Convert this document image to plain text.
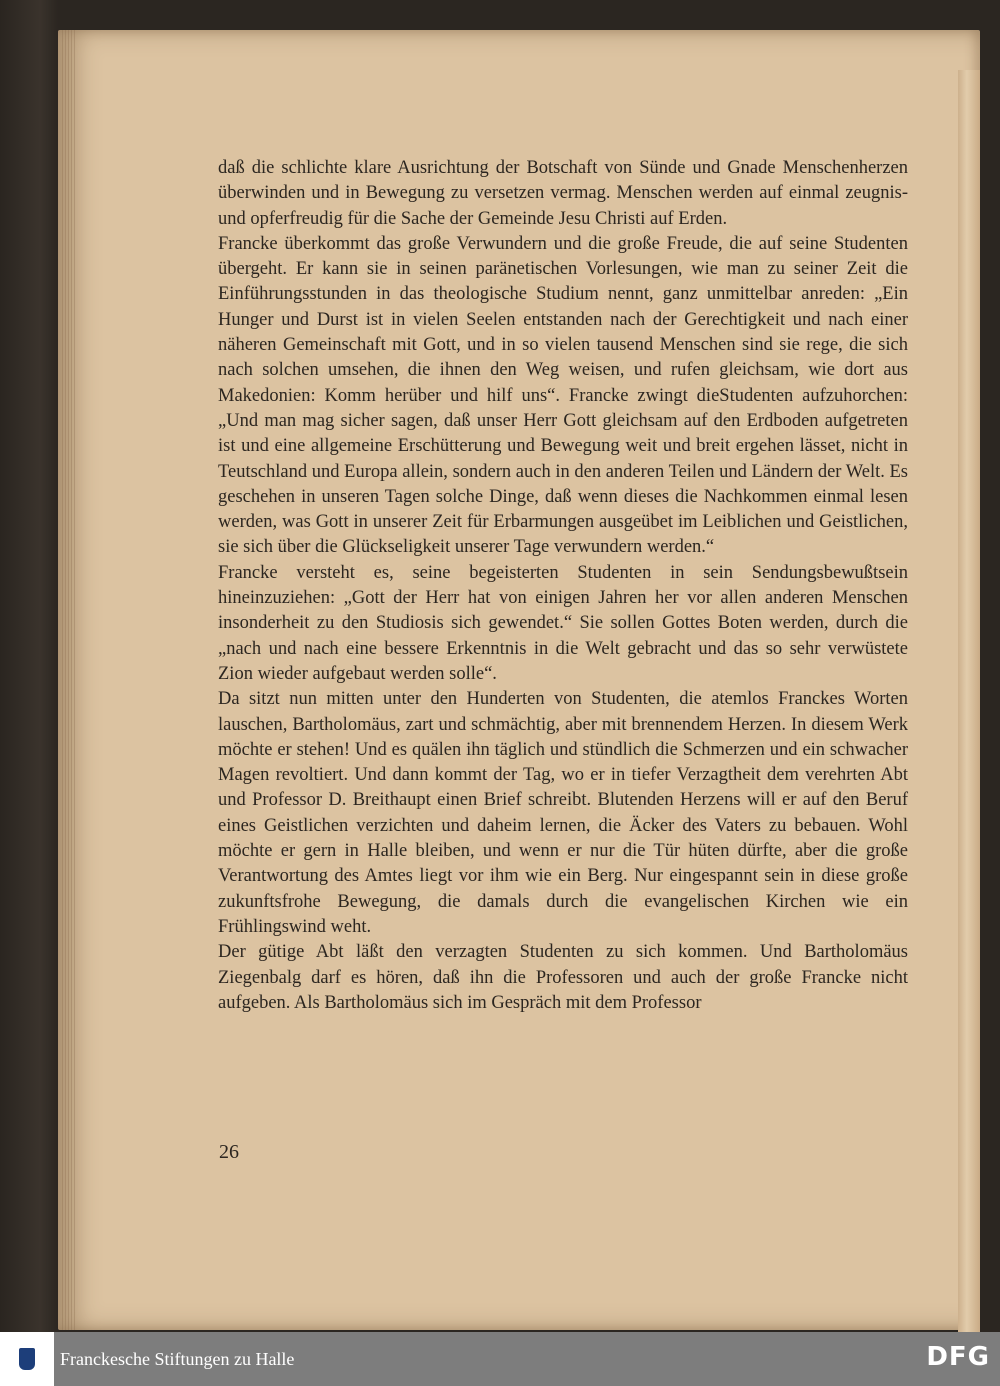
daß die schlichte klare Ausrichtung der Botschaft von Sünde und Gnade Menschenherzen überwinden und in Bewegung zu versetzen vermag. Menschen werden auf einmal zeugnis- und opferfreudig für die Sache der Gemeinde Jesu Christi auf Erden.

Francke überkommt das große Verwundern und die große Freude, die auf seine Studenten übergeht. Er kann sie in seinen paränetischen Vorlesungen, wie man zu seiner Zeit die Einführungsstunden in das theologische Studium nennt, ganz unmittelbar anreden: „Ein Hunger und Durst ist in vielen Seelen entstanden nach der Gerechtigkeit und nach einer näheren Gemeinschaft mit Gott, und in so vielen tausend Menschen sind sie rege, die sich nach solchen umsehen, die ihnen den Weg weisen, und rufen gleichsam, wie dort aus Makedonien: Komm herüber und hilf uns“. Francke zwingt dieStudenten aufzuhorchen: „Und man mag sicher sagen, daß unser Herr Gott gleichsam auf den Erdboden aufgetreten ist und eine allgemeine Erschütterung und Bewegung weit und breit ergehen lässet, nicht in Teutschland und Europa allein, sondern auch in den anderen Teilen und Ländern der Welt. Es geschehen in unseren Tagen solche Dinge, daß wenn dieses die Nachkommen einmal lesen werden, was Gott in unserer Zeit für Erbarmungen ausgeübet im Leiblichen und Geistlichen, sie sich über die Glückseligkeit unserer Tage verwundern werden.“

Francke versteht es, seine begeisterten Studenten in sein Sendungsbewußtsein hineinzuziehen: „Gott der Herr hat von einigen Jahren her vor allen anderen Menschen insonderheit zu den Studiosis sich gewendet.“ Sie sollen Gottes Boten werden, durch die „nach und nach eine bessere Erkenntnis in die Welt gebracht und das so sehr verwüstete Zion wieder aufgebaut werden solle“.

Da sitzt nun mitten unter den Hunderten von Studenten, die atemlos Franckes Worten lauschen, Bartholomäus, zart und schmächtig, aber mit brennendem Herzen. In diesem Werk möchte er stehen! Und es quälen ihn täglich und stündlich die Schmerzen und ein schwacher Magen revoltiert. Und dann kommt der Tag, wo er in tiefer Verzagtheit dem verehrten Abt und Professor D. Breithaupt einen Brief schreibt. Blutenden Herzens will er auf den Beruf eines Geistlichen verzichten und daheim lernen, die Äcker des Vaters zu bebauen. Wohl möchte er gern in Halle bleiben, und wenn er nur die Tür hüten dürfte, aber die große Verantwortung des Amtes liegt vor ihm wie ein Berg. Nur eingespannt sein in diese große zukunftsfrohe Bewegung, die damals durch die evangelischen Kirchen wie ein Frühlingswind weht.

Der gütige Abt läßt den verzagten Studenten zu sich kommen. Und Bartholomäus Ziegenbalg darf es hören, daß ihn die Professoren und auch der große Francke nicht aufgeben. Als Bartholomäus sich im Gespräch mit dem Professor

26
Franckesche Stiftungen zu Halle	DFG
